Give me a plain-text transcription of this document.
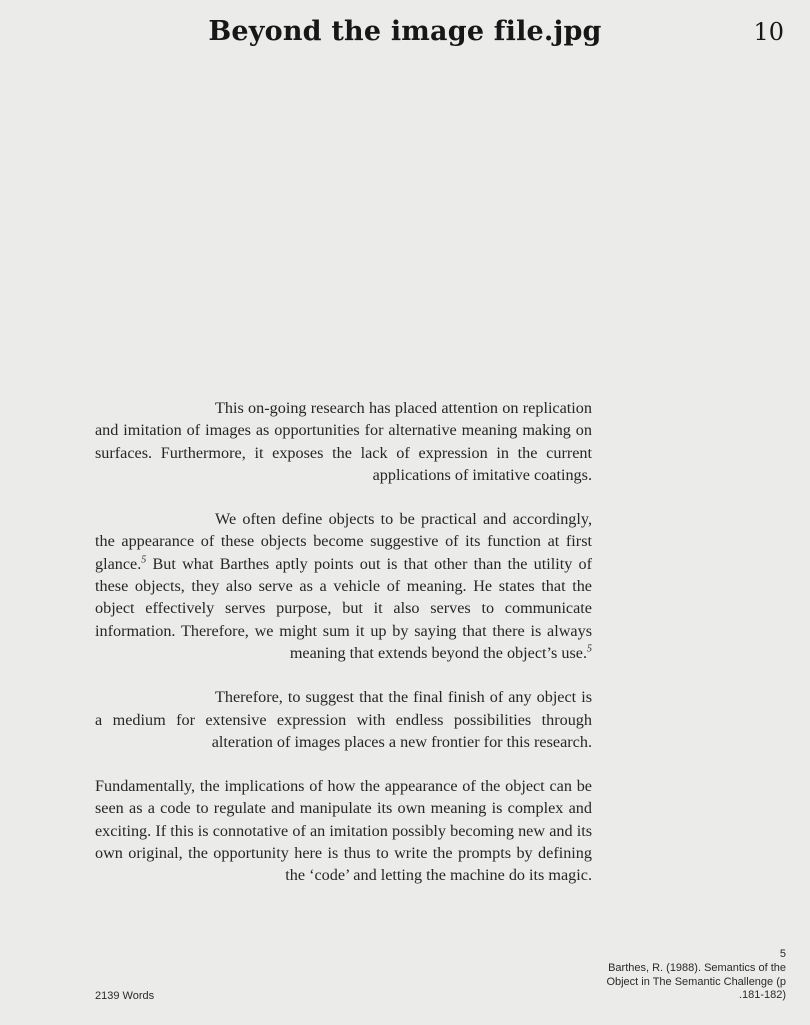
Beyond the image file.jpg	10

This on-going research has placed attention on replication and imitation of images as opportunities for alternative meaning making on surfaces. Furthermore, it exposes the lack of expression in the current applications of imitative coatings.

We often define objects to be practical and accordingly, the appearance of these objects become suggestive of its function at first glance.$^5$ But what Barthes aptly points out is that other than the utility of these objects, they also serve as a vehicle of meaning. He states that the object effectively serves purpose, but it also serves to communicate information. Therefore, we might sum it up by saying that there is always meaning that extends beyond the object’s use.$^5$

Therefore, to suggest that the final finish of any object is a medium for extensive expression with endless possibilities through alteration of images places a new frontier for this research.

Fundamentally, the implications of how the appearance of the object can be seen as a code to regulate and manipulate its own meaning is complex and exciting. If this is connotative of an imitation possibly becoming new and its own original, the opportunity here is thus to write the prompts by defining the ‘code’ and letting the machine do its magic.

5
Barthes, R. (1988). Semantics of the Object in The Semantic Challenge (p .181-182)
2139 Words
